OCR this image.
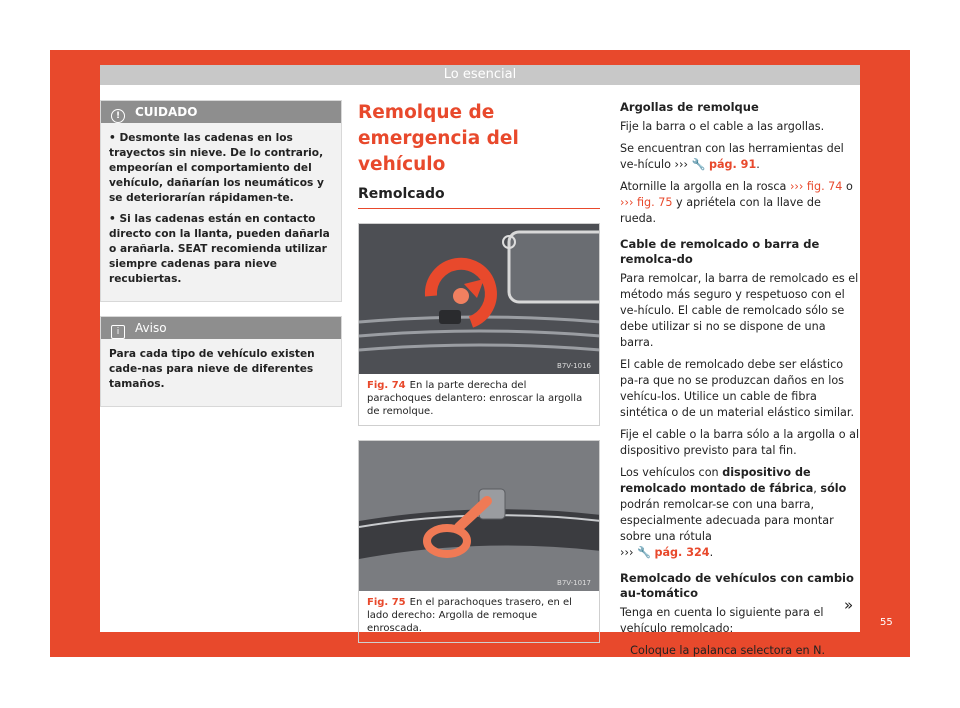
Lo esencial
! CUIDADO

• Desmonte las cadenas en los trayectos sin nieve. De lo contrario, empeorían el comportamiento del vehículo, dañarían los neumáticos y se deteriorarían rápidamen-te.

• Si las cadenas están en contacto directo con la llanta, pueden dañarla o arañarla. SEAT recomienda utilizar siempre cadenas para nieve recubiertas.

i Aviso

Para cada tipo de vehículo existen cade-nas para nieve de diferentes tamaños.

Remolque de emergencia del vehículo
Remolcado
B7V-1016
Fig. 74 En la parte derecha del parachoques delantero: enroscar la argolla de remolque.
B7V-1017
Fig. 75 En el parachoques trasero, en el lado derecho: Argolla de remoque enroscada.
Argollas de remolque

Fije la barra o el cable a las argollas.

Se encuentran con las herramientas del ve-hículo ››› 🔧 pág. 91.

Atornille la argolla en la rosca ››› fig. 74 o ››› fig. 75 y apriétela con la llave de rueda.

Cable de remolcado o barra de remolca-do

Para remolcar, la barra de remolcado es el método más seguro y respetuoso con el ve-hículo. El cable de remolcado sólo se debe utilizar si no se dispone de una barra.

El cable de remolcado debe ser elástico pa-ra que no se produzcan daños en los vehícu-los. Utilice un cable de fibra sintética o de un material elástico similar.

Fije el cable o la barra sólo a la argolla o al dispositivo previsto para tal fin.

Los vehículos con dispositivo de remolcado montado de fábrica, sólo podrán remolcar-se con una barra, especialmente adecuada para montar sobre una rótula
››› 🔧 pág. 324.

Remolcado de vehículos con cambio au-tomático

Tenga en cuenta lo siguiente para el vehículo remolcado:

• Coloque la palanca selectora en N.

»
55
